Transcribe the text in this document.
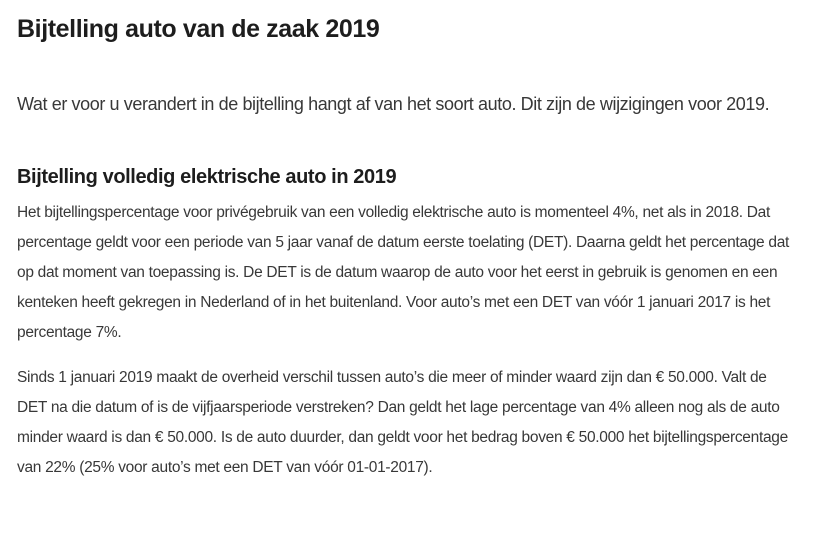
Bijtelling auto van de zaak 2019

Wat er voor u verandert in de bijtelling hangt af van het soort auto. Dit zijn de wijzigingen voor 2019.

Bijtelling volledig elektrische auto in 2019

Het bijtellingspercentage voor privégebruik van een volledig elektrische auto is momenteel 4%, net als in 2018. Dat percentage geldt voor een periode van 5 jaar vanaf de datum eerste toelating (DET). Daarna geldt het percentage dat op dat moment van toepassing is. De DET is de datum waarop de auto voor het eerst in gebruik is genomen en een kenteken heeft gekregen in Nederland of in het buitenland. Voor auto’s met een DET van vóór 1 januari 2017 is het percentage 7%.

Sinds 1 januari 2019 maakt de overheid verschil tussen auto’s die meer of minder waard zijn dan € 50.000. Valt de DET na die datum of is de vijfjaarsperiode verstreken? Dan geldt het lage percentage van 4% alleen nog als de auto minder waard is dan € 50.000. Is de auto duurder, dan geldt voor het bedrag boven € 50.000 het bijtellingspercentage van 22% (25% voor auto’s met een DET van vóór 01-01-2017).
